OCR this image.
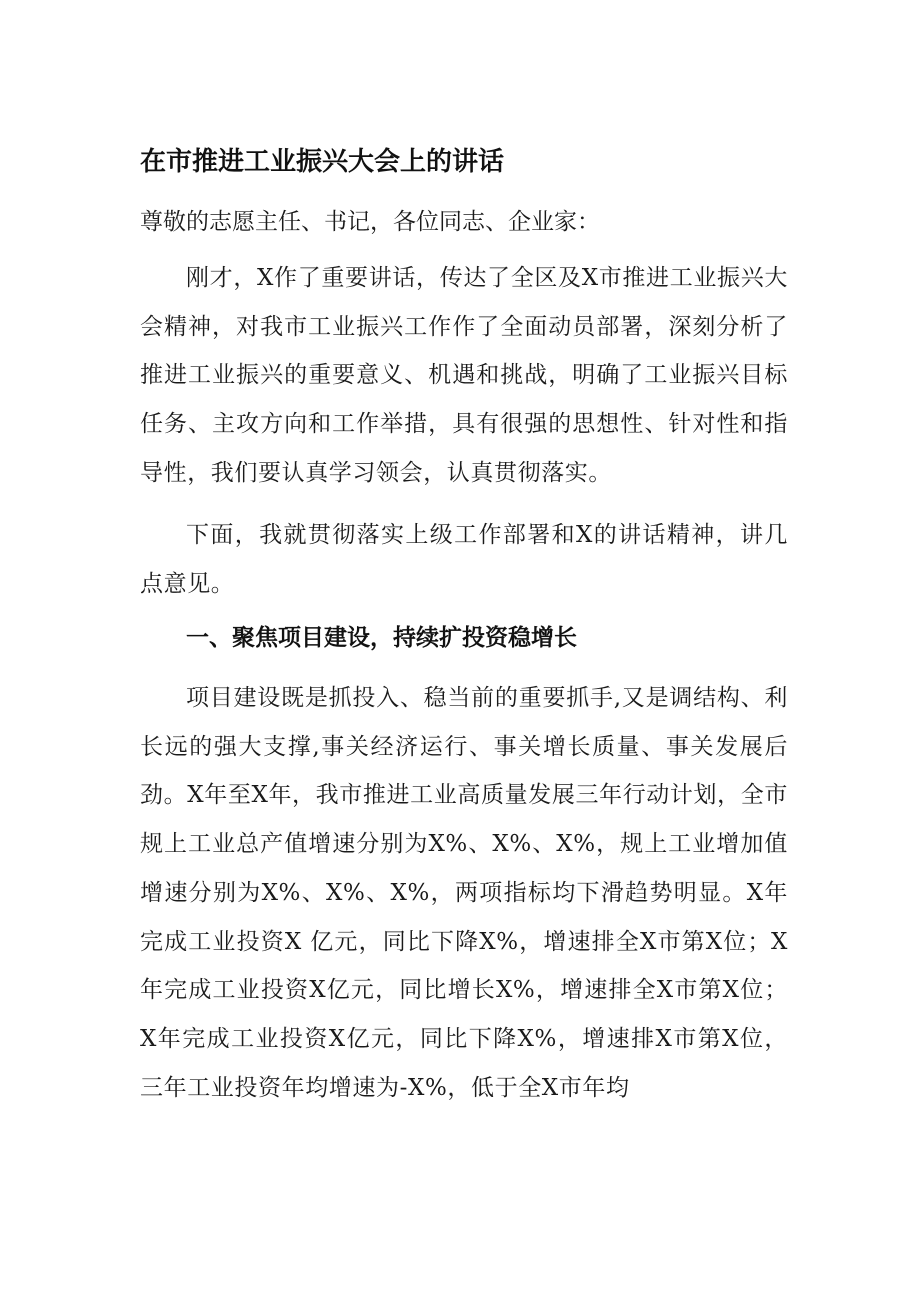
在市推进工业振兴大会上的讲话

尊敬的志愿主任、书记，各位同志、企业家：

刚才，X作了重要讲话，传达了全区及X市推进工业振兴大会精神，对我市工业振兴工作作了全面动员部署，深刻分析了推进工业振兴的重要意义、机遇和挑战，明确了工业振兴目标任务、主攻方向和工作举措，具有很强的思想性、针对性和指导性，我们要认真学习领会，认真贯彻落实。

下面，我就贯彻落实上级工作部署和X的讲话精神，讲几点意见。

一、聚焦项目建设，持续扩投资稳增长

项目建设既是抓投入、稳当前的重要抓手,又是调结构、利长远的强大支撑,事关经济运行、事关增长质量、事关发展后劲。X年至X年，我市推进工业高质量发展三年行动计划，全市规上工业总产值增速分别为X%、X%、X%，规上工业增加值增速分别为X%、X%、X%，两项指标均下滑趋势明显。X年完成工业投资X 亿元，同比下降X%，增速排全X市第X位；X年完成工业投资X亿元，同比增长X%，增速排全X市第X位；X年完成工业投资X亿元，同比下降X%，增速排X市第X位，三年工业投资年均增速为-X%，低于全X市年均
